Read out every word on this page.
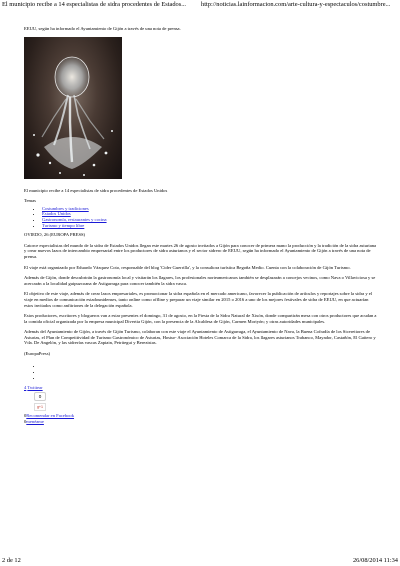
El municipio recibe a 14 especialistas de sidra procedentes de Estados...	http://noticias.lainformacion.com/arte-cultura-y-espectaculos/costumbre...

EEUU, según ha informado el Ayuntamiento de Gijón a través de una nota de prensa.

El municipio recibe a 14 especialistas de sidra procedentes de Estados Unidos

Temas

• Costumbres y tradiciones
• Estados Unidos
• Gastronomía, restaurantes y cocina
• Turismo y tiempo libre

OVIEDO, 26 (EUROPA PRESS)

Catorce especialistas del mundo de la sidra de Estados Unidos llegan este martes 26 de agosto invitados a Gijón para conocer de primera mano la producción y la tradición de la sidra asturiana y crear nuevos lazos de intercambio empresarial entre los productores de sidra asturianos y el sector sidrero de EEUU, según ha informado el Ayuntamiento de Gijón a través de una nota de prensa.

El viaje está organizado por Eduardo Vázquez Coto, responsable del blog 'Cider Guerrilla', y la consultora turística Begoña Medio. Cuenta con la colaboración de Gijón Turismo.

Además de Gijón, donde descubrirán la gastronomía local y visitarán los llagares, los profesionales norteamericanos también se desplazarán a concejos vecinos, como Nava o Villaviciosa y se acercarán a la localidad guipuzcoana de Astigarraga para conocer también la sidra vasca.

El objetivo de este viaje, además de crear lazos empresariales, es promocionar la sidra española en el mercado americano, favorecer la publicación de artículos y reportajes sobre la sidra y el viaje en medios de comunicación estadounidenses, tanto online como offline y preparar un viaje similar en 2015 o 2016 a uno de los mejores festivales de sidra de EEUU, en que actuarían estos invitados como anfitriones de la delegación española.

Estos productores, escritores y blogueros van a estar presentes el domingo, 31 de agosto, en la Fiesta de la Sidra Natural de Xixón, donde compartirán mesa con otros productores que acudan a la comida oficial organizada por la empresa municipal Divertia Gijón, con la presencia de la Alcaldesa de Gijón, Carmen Moriyón; y otras autoridades municipales.

Además del Ayuntamiento de Gijón, a través de Gijón Turismo, colaboran con este viaje el Ayuntamiento de Astigarraga, el Ayuntamiento de Nava, la Buena Cofradía de los Sicereitores de Asturias, el Plan de Competitividad de Turismo Gastronómico de Asturias, Hostur- Asociación Hoteles Comarca de la Sidra, los llagares asturianos Trabanco, Mayador, Castañón, El Gaitero y Vda. De Angelón, y las sidrerías vascas Zapiain, Petritegui y Berezistas.

(EuropaPress)

•
•
•
4 Twittear
0
g+1
0Recomendar en Facebook
0menéame
2 de 12	26/08/2014 11:34
